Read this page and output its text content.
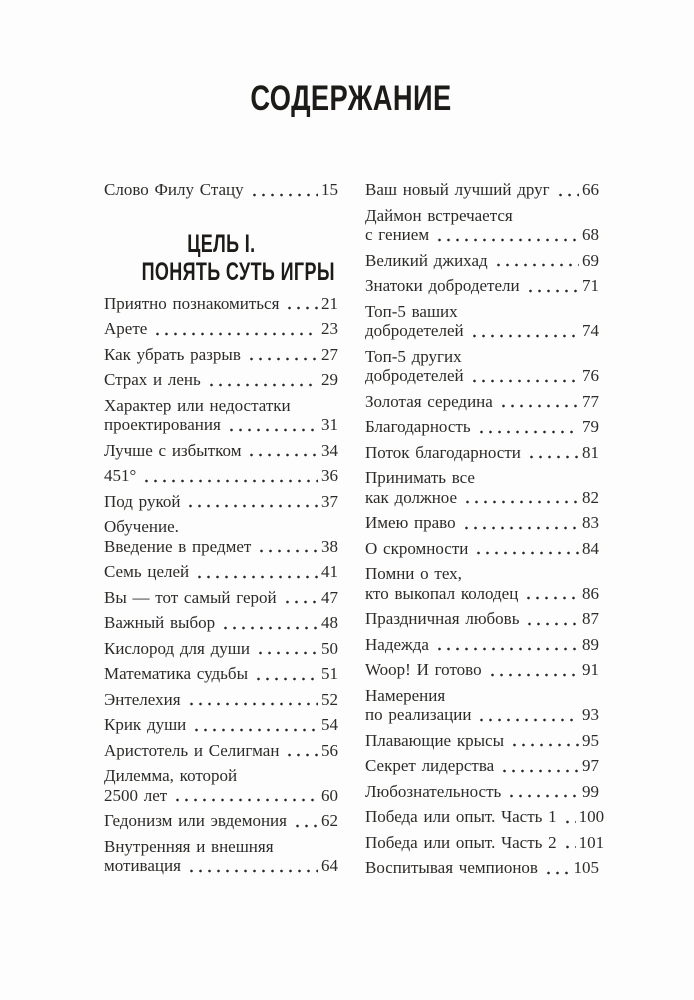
СОДЕРЖАНИЕ
Слово Филу Стацу	15
ЦЕЛЬ I.
ПОНЯТЬ СУТЬ ИГРЫ
Приятно познакомиться 21
Арете	23
Как убрать разрыв	27
Страх и лень	29
Характер или недостатки
проектирования	31
Лучше с избытком	34
451°	36
Под рукой	37
Обучение.
Введение в предмет	38
Семь целей	41
Вы — тот самый герой	47
Важный выбор	48
Кислород для души	50
Математика судьбы	51
Энтелехия	52
Крик души	54
Аристотель и Селигман 56
Дилемма, которой
2500 лет	60
Гедонизм или эвдемония 62
Внутренняя и внешняя
мотивация	64
Ваш новый лучший друг 66
Даймон встречается
с гением	68
Великий джихад	69
Знатоки добродетели	71
Топ-5 ваших
добродетелей	74
Топ-5 других
добродетелей	76
Золотая середина	77
Благодарность	79
Поток благодарности	81
Принимать все
как должное	82
Имею право	83
О скромности	84
Помни о тех,
кто выкопал колодец	86
Праздничная любовь	87
Надежда	89
Woop! И готово	91
Намерения
по реализации	93
Плавающие крысы	95
Секрет лидерства	97
Любознательность	99
Победа или опыт. Часть 1 100
Победа или опыт. Часть 2 101
Воспитывая чемпионов 105
